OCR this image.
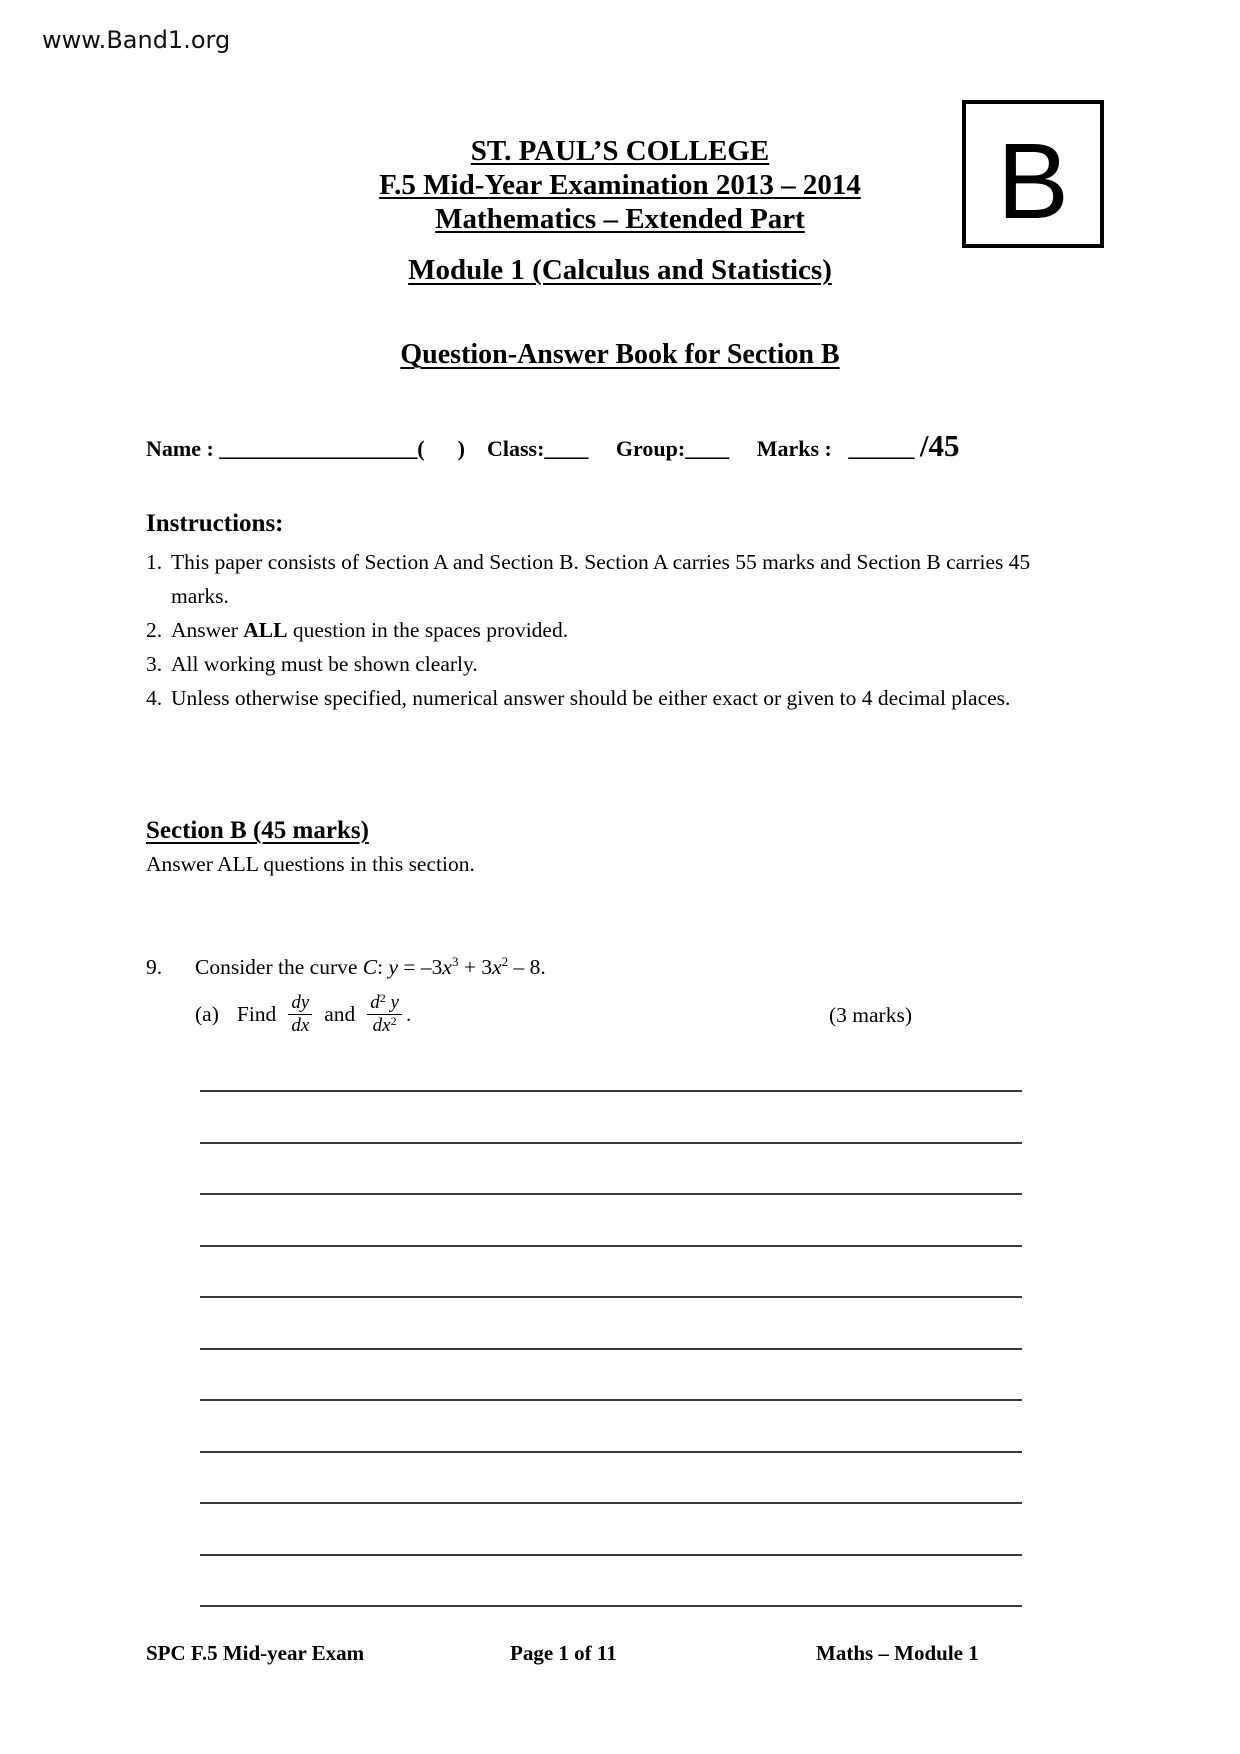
www.Band1.org
ST. PAUL’S COLLEGE
F.5 Mid-Year Examination 2013 – 2014
Mathematics – Extended Part
Module 1 (Calculus and Statistics)
Question-Answer Book for Section B
B
Name : __________________(      ) Class:____ Group:____ Marks : ______ /45
Instructions:
1. This paper consists of Section A and Section B. Section A carries 55 marks and Section B carries 45 marks.
2. Answer ALL question in the spaces provided.
3. All working must be shown clearly.
4. Unless otherwise specified, numerical answer should be either exact or given to 4 decimal places.
Section B (45 marks)
Answer ALL questions in this section.
9. Consider the curve C: $y = -3x^3 + 3x^2 - 8$.
(a) Find $\frac{dy}{dx}$ and $\frac{d^2 y}{dx^2}$ .	(3 marks)
SPC F.5 Mid-year Exam	Page 1 of 11	Maths – Module 1
